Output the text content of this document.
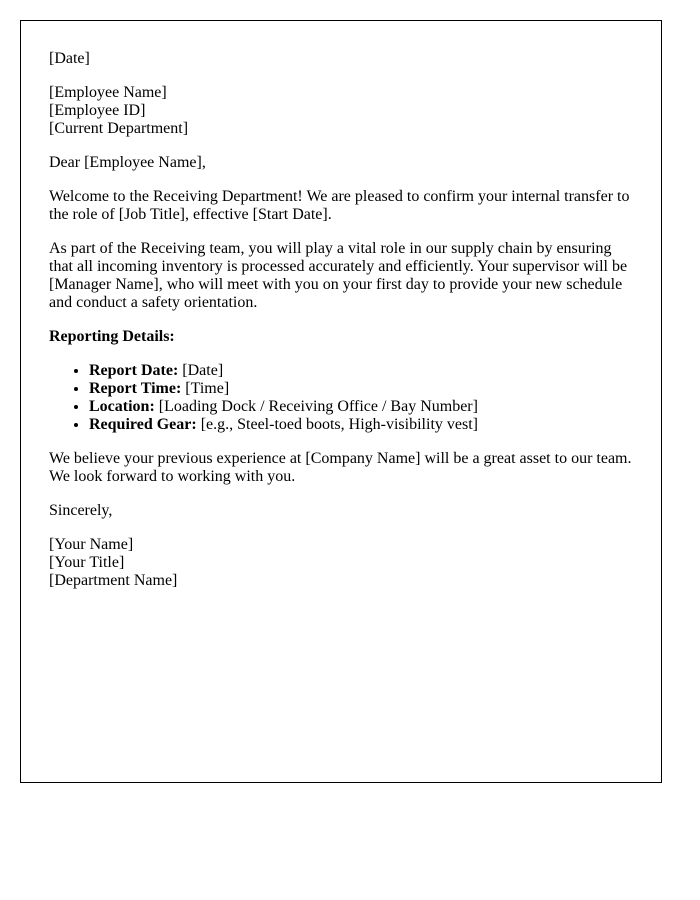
[Date]

[Employee Name]
[Employee ID]
[Current Department]

Dear [Employee Name],

Welcome to the Receiving Department! We are pleased to confirm your internal transfer to the role of [Job Title], effective [Start Date].

As part of the Receiving team, you will play a vital role in our supply chain by ensuring that all incoming inventory is processed accurately and efficiently. Your supervisor will be [Manager Name], who will meet with you on your first day to provide your new schedule and conduct a safety orientation.

Reporting Details:

• Report Date: [Date]
• Report Time: [Time]
• Location: [Loading Dock / Receiving Office / Bay Number]
• Required Gear: [e.g., Steel-toed boots, High-visibility vest]

We believe your previous experience at [Company Name] will be a great asset to our team. We look forward to working with you.

Sincerely,

[Your Name]
[Your Title]
[Department Name]
